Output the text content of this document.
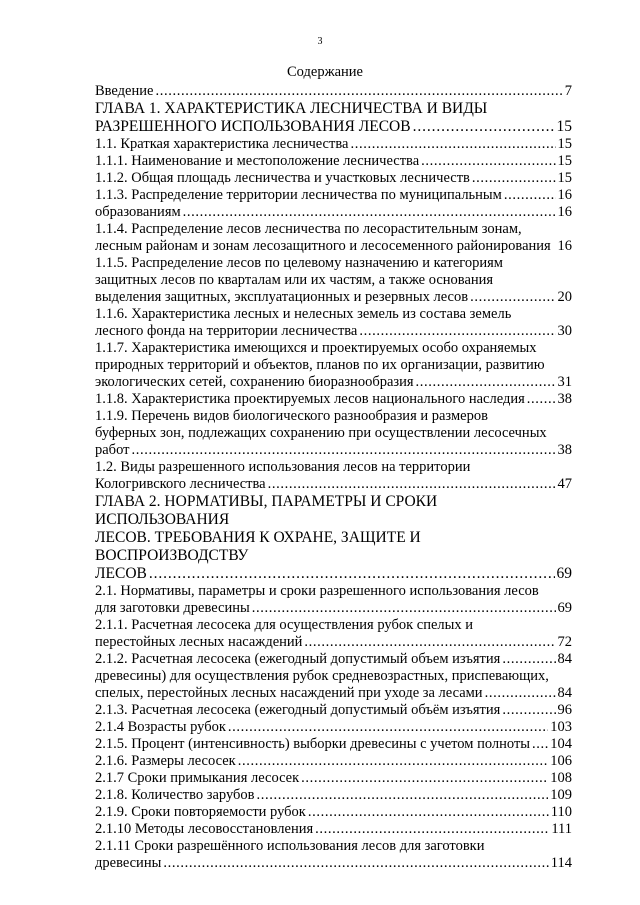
3
Содержание
Введение . . .	7
ГЛАВА 1. ХАРАКТЕРИСТИКА ЛЕСНИЧЕСТВА И ВИДЫ
РАЗРЕШЕННОГО ИСПОЛЬЗОВАНИЯ ЛЕСОВ . . .	15
1.1. Краткая характеристика лесничества . . .	15
1.1.1. Наименование и местоположение лесничества . . .	15
1.1.2. Общая площадь лесничества и участковых лесничеств . . .	15
1.1.3. Распределение территории лесничества по муниципальным . . .	16
образованиям . . .	16
1.1.4. Распределение лесов лесничества по лесорастительным зонам,
лесным районам и зонам лесозащитного и лесосеменного районирования 16
1.1.5. Распределение лесов по целевому назначению и категориям
защитных лесов по кварталам или их частям, а также основания
выделения защитных, эксплуатационных и резервных лесов . . .	20
1.1.6. Характеристика лесных и нелесных земель из состава земель
лесного фонда на территории лесничества . . .	30
1.1.7. Характеристика имеющихся и проектируемых особо охраняемых
природных территорий и объектов, планов по их организации, развитию
экологических сетей, сохранению биоразнообразия . . .	31
1.1.8. Характеристика проектируемых лесов национального наследия . . . 38
1.1.9. Перечень видов биологического разнообразия и размеров
буферных зон, подлежащих сохранению при осуществлении лесосечных
работ . . .	38
1.2. Виды разрешенного использования лесов на территории
Кологривского лесничества . . .	47
ГЛАВА 2. НОРМАТИВЫ, ПАРАМЕТРЫ И СРОКИ ИСПОЛЬЗОВАНИЯ
ЛЕСОВ. ТРЕБОВАНИЯ К ОХРАНЕ, ЗАЩИТЕ И ВОСПРОИЗВОДСТВУ
ЛЕСОВ . . .	69
2.1. Нормативы, параметры и сроки разрешенного использования лесов
для заготовки древесины . . .	69
2.1.1. Расчетная лесосека для осуществления рубок спелых и
перестойных лесных насаждений . . .	72
2.1.2. Расчетная лесосека (ежегодный допустимый объем изъятия . . .	84
древесины) для осуществления рубок средневозрастных, приспевающих,
спелых, перестойных лесных насаждений при уходе за лесами . . .	84
2.1.3. Расчетная лесосека (ежегодный допустимый объём изъятия . . .	96
2.1.4 Возрасты рубок . . .	103
2.1.5. Процент (интенсивность) выборки древесины с учетом полноты . . . 104
2.1.6. Размеры лесосек . . .	106
2.1.7 Сроки примыкания лесосек . . .	108
2.1.8. Количество зарубов . . .	109
2.1.9. Сроки повторяемости рубок . . .	110
2.1.10 Методы лесовосстановления . . .	111
2.1.11 Сроки разрешённого использования лесов для заготовки
древесины . . .	114
